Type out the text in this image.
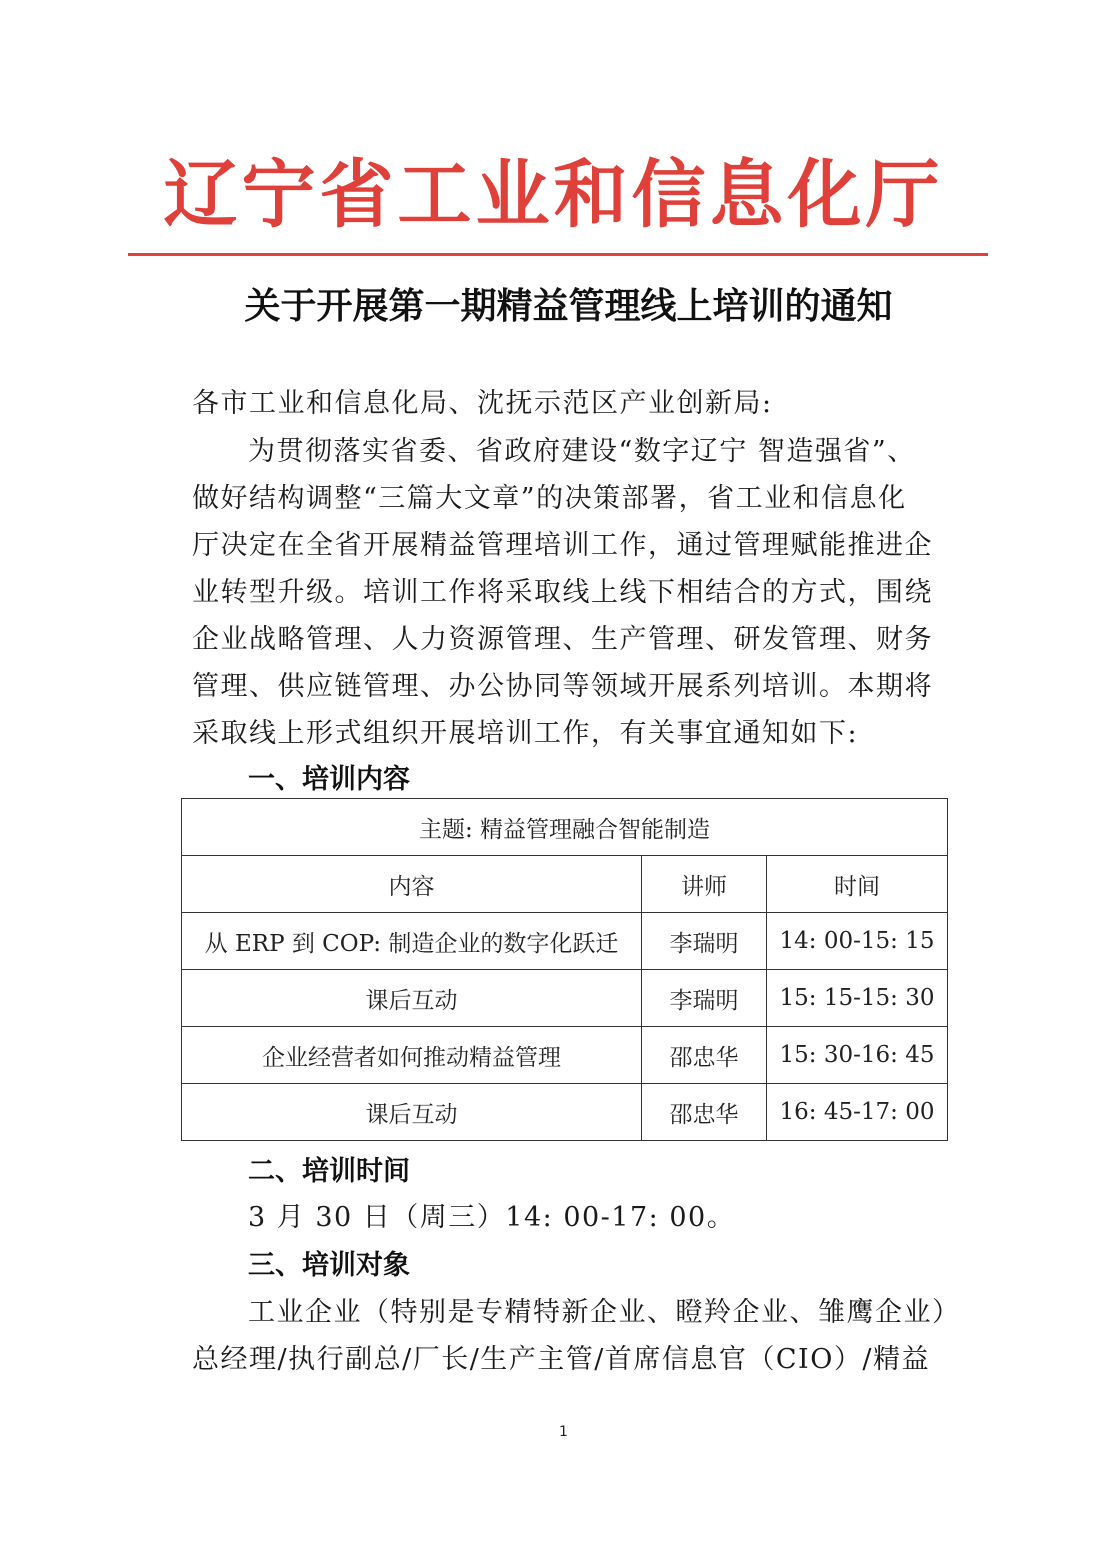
辽宁省工业和信息化厅
关于开展第一期精益管理线上培训的通知
各市工业和信息化局、沈抚示范区产业创新局:
为贯彻落实省委、省政府建设“数字辽宁 智造强省”、
做好结构调整“三篇大文章”的决策部署，省工业和信息化
厅决定在全省开展精益管理培训工作，通过管理赋能推进企
业转型升级。培训工作将采取线上线下相结合的方式，围绕
企业战略管理、人力资源管理、生产管理、研发管理、财务
管理、供应链管理、办公协同等领域开展系列培训。本期将
采取线上形式组织开展培训工作，有关事宜通知如下:
一、培训内容
主题: 精益管理融合智能制造		
内容	讲师	时间
从 ERP 到 COP: 制造企业的数字化跃迁	李瑞明	14: 00-15: 15
课后互动	李瑞明	15: 15-15: 30
企业经营者如何推动精益管理	邵忠华	15: 30-16: 45
课后互动	邵忠华	16: 45-17: 00
二、培训时间
3 月 30 日（周三）14: 00-17: 00。
三、培训对象
工业企业（特别是专精特新企业、瞪羚企业、雏鹰企业）
总经理/执行副总/厂长/生产主管/首席信息官（CIO）/精益
1
